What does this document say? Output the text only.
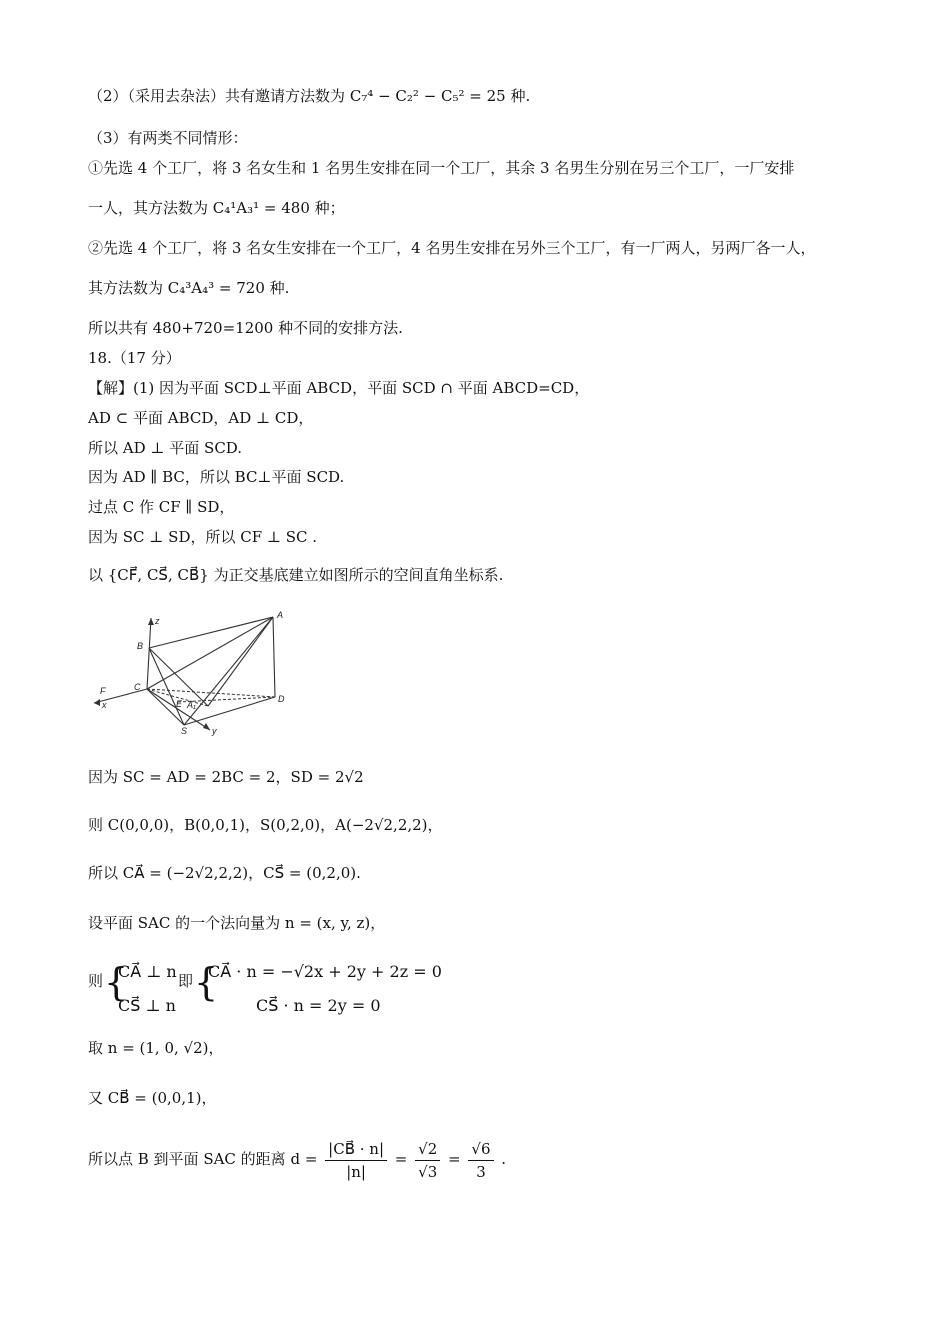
（2）（采用去杂法）共有邀请方法数为 C₇⁴ − C₂² − C₅² = 25 种.
（3）有两类不同情形：
①先选 4 个工厂，将 3 名女生和 1 名男生安排在同一个工厂，其余 3 名男生分别在另三个工厂，一厂安排
一人，其方法数为 C₄¹A₃¹ = 480 种；
②先选 4 个工厂，将 3 名女生安排在一个工厂，4 名男生安排在另外三个工厂，有一厂两人，另两厂各一人，
其方法数为 C₄³A₄³ = 720 种.
所以共有 480+720=1200 种不同的安排方法.
18.（17 分）
【解】(1) 因为平面 SCD⊥平面 ABCD，平面 SCD ∩ 平面 ABCD=CD，
AD ⊂ 平面 ABCD，AD ⊥ CD，
所以 AD ⊥ 平面 SCD.
因为 AD ∥ BC，所以 BC⊥平面 SCD.
过点 C 作 CF ∥ SD，
因为 SC ⊥ SD，所以 CF ⊥ SC .
以 {CF⃗, CS⃗, CB⃗} 为正交基底建立如图所示的空间直角坐标系.
z
A
B
C
F
x
D
E A₁
S	y
因为 SC = AD = 2BC = 2，SD = 2√2
则 C(0,0,0)，B(0,0,1)，S(0,2,0)，A(−2√2,2,2)，
所以 CA⃗ = (−2√2,2,2)，CS⃗ = (0,2,0).
设平面 SAC 的一个法向量为 n = (x, y, z)，
则 {
CA⃗ ⊥ n
CS⃗ ⊥ n
即 {
CA⃗ · n = −√2x + 2y + 2z = 0
CS⃗ · n = 2y = 0
取 n = (1, 0, √2)，
又 CB⃗ = (0,0,1)，
所以点 B 到平面 SAC 的距离 $d = \frac{|CB⃗ \cdot n|}{|n|} = \frac{√2}{√3} = \frac{√6}{3}$ .
